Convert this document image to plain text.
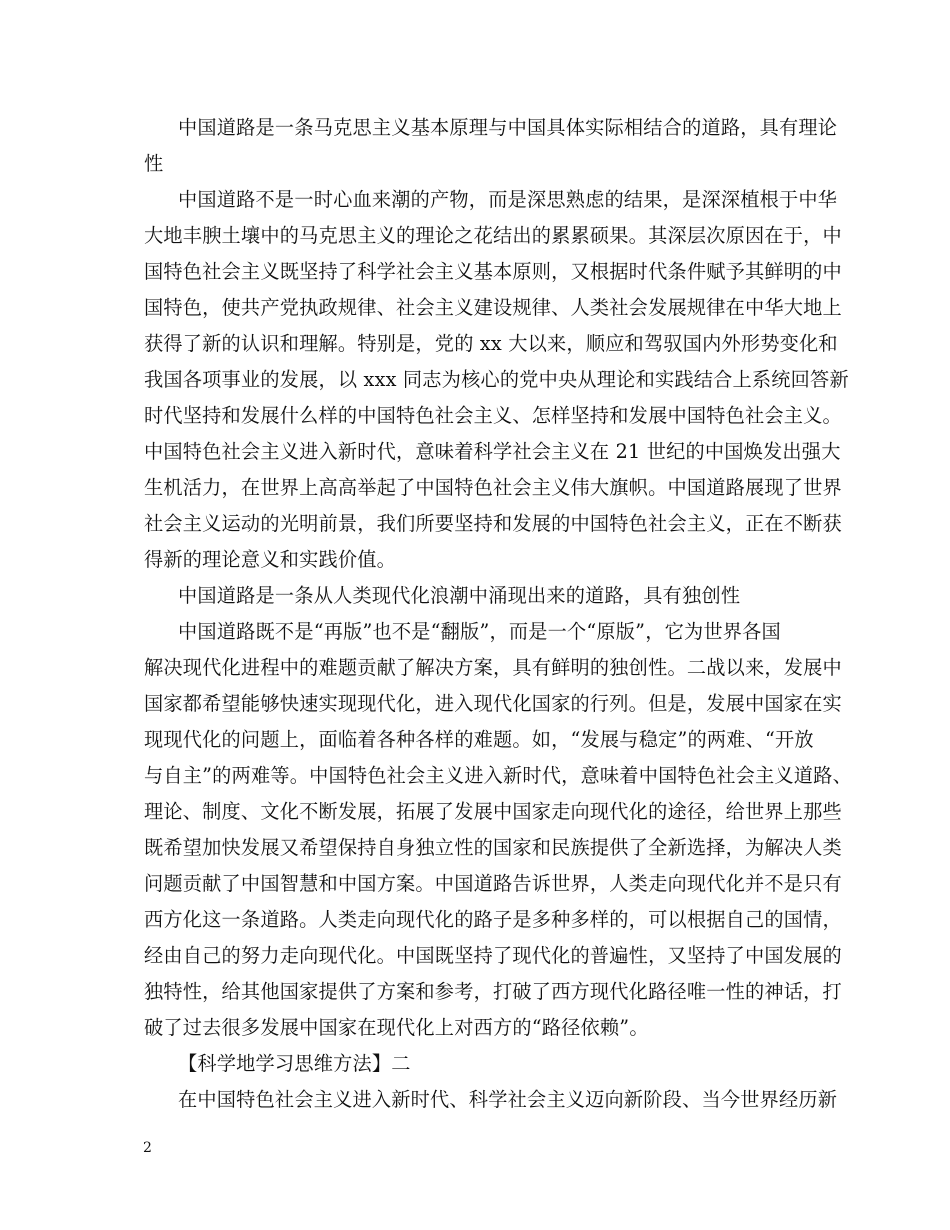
中国道路是一条马克思主义基本原理与中国具体实际相结合的道路，具有理论
性
中国道路不是一时心血来潮的产物，而是深思熟虑的结果，是深深植根于中华
大地丰腴土壤中的马克思主义的理论之花结出的累累硕果。其深层次原因在于，中
国特色社会主义既坚持了科学社会主义基本原则，又根据时代条件赋予其鲜明的中
国特色，使共产党执政规律、社会主义建设规律、人类社会发展规律在中华大地上
获得了新的认识和理解。特别是，党的 xx 大以来，顺应和驾驭国内外形势变化和
我国各项事业的发展，以 xxx 同志为核心的党中央从理论和实践结合上系统回答新
时代坚持和发展什么样的中国特色社会主义、怎样坚持和发展中国特色社会主义。
中国特色社会主义进入新时代，意味着科学社会主义在 21 世纪的中国焕发出强大
生机活力，在世界上高高举起了中国特色社会主义伟大旗帜。中国道路展现了世界
社会主义运动的光明前景，我们所要坚持和发展的中国特色社会主义，正在不断获
得新的理论意义和实践价值。
中国道路是一条从人类现代化浪潮中涌现出来的道路，具有独创性
中国道路既不是“再版”也不是“翻版”，而是一个“原版”，它为世界各国
解决现代化进程中的难题贡献了解决方案，具有鲜明的独创性。二战以来，发展中
国家都希望能够快速实现现代化，进入现代化国家的行列。但是，发展中国家在实
现现代化的问题上，面临着各种各样的难题。如，“发展与稳定”的两难、“开放
与自主”的两难等。中国特色社会主义进入新时代，意味着中国特色社会主义道路、
理论、制度、文化不断发展，拓展了发展中国家走向现代化的途径，给世界上那些
既希望加快发展又希望保持自身独立性的国家和民族提供了全新选择，为解决人类
问题贡献了中国智慧和中国方案。中国道路告诉世界，人类走向现代化并不是只有
西方化这一条道路。人类走向现代化的路子是多种多样的，可以根据自己的国情，
经由自己的努力走向现代化。中国既坚持了现代化的普遍性，又坚持了中国发展的
独特性，给其他国家提供了方案和参考，打破了西方现代化路径唯一性的神话，打
破了过去很多发展中国家在现代化上对西方的“路径依赖”。
【科学地学习思维方法】二
在中国特色社会主义进入新时代、科学社会主义迈向新阶段、当今世界经历新
2
